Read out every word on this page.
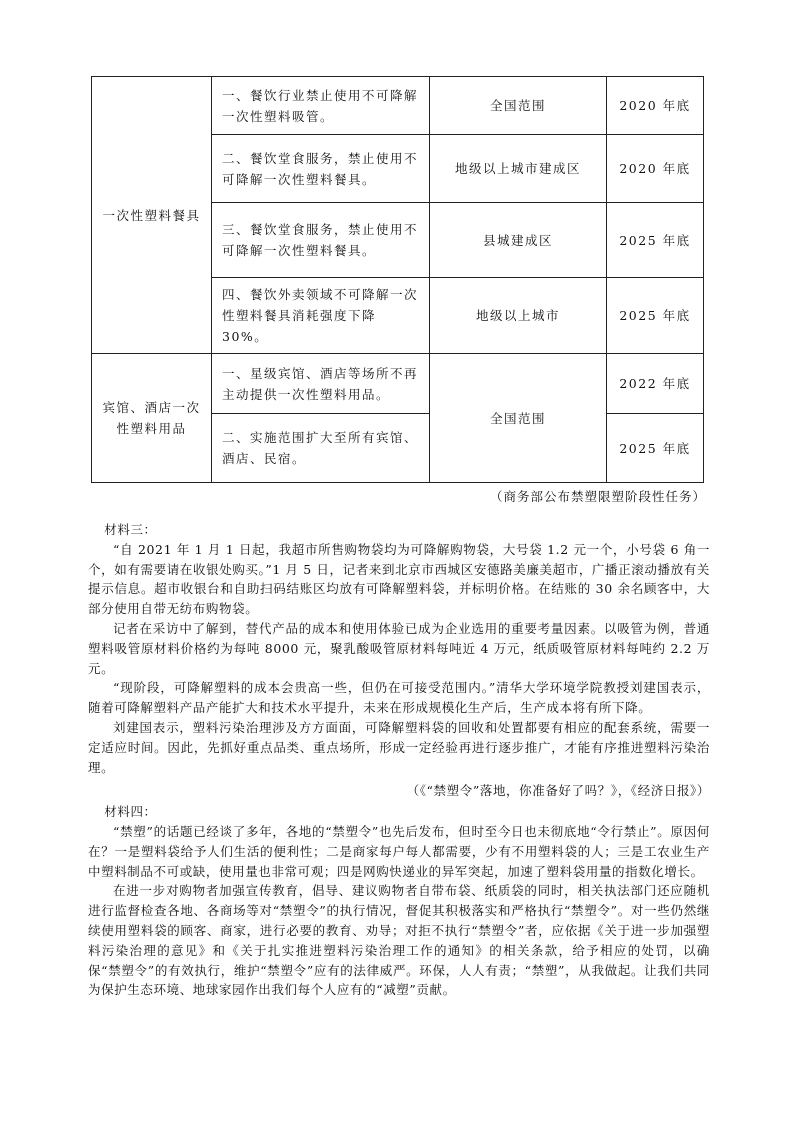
一次性塑料餐具	一、餐饮行业禁止使用不可降解一次性塑料吸管。	全国范围	2020 年底
	二、餐饮堂食服务，禁止使用不可降解一次性塑料餐具。	地级以上城市建成区	2020 年底
	三、餐饮堂食服务，禁止使用不可降解一次性塑料餐具。	县城建成区	2025 年底
	四、餐饮外卖领域不可降解一次性塑料餐具消耗强度下降 30%。	地级以上城市	2025 年底
宾馆、酒店一次性塑料用品	一、星级宾馆、酒店等场所不再主动提供一次性塑料用品。	全国范围	2022 年底
	二、实施范围扩大至所有宾馆、酒店、民宿。		2025 年底
（商务部公布禁塑限塑阶段性任务）

材料三：

“自 2021 年 1 月 1 日起，我超市所售购物袋均为可降解购物袋，大号袋 1.2 元一个，小号袋 6 角一个，如有需要请在收银处购买。”1 月 5 日，记者来到北京市西城区安德路美廉美超市，广播正滚动播放有关提示信息。超市收银台和自助扫码结账区均放有可降解塑料袋，并标明价格。在结账的 30 余名顾客中，大部分使用自带无纺布购物袋。

记者在采访中了解到，替代产品的成本和使用体验已成为企业选用的重要考量因素。以吸管为例，普通塑料吸管原材料价格约为每吨 8000 元，聚乳酸吸管原材料每吨近 4 万元，纸质吸管原材料每吨约 2.2 万元。

“现阶段，可降解塑料的成本会贵高一些，但仍在可接受范围内。”清华大学环境学院教授刘建国表示，随着可降解塑料产品产能扩大和技术水平提升，未来在形成规模化生产后，生产成本将有所下降。

刘建国表示，塑料污染治理涉及方方面面，可降解塑料袋的回收和处置都要有相应的配套系统，需要一定适应时间。因此，先抓好重点品类、重点场所，形成一定经验再进行逐步推广，才能有序推进塑料污染治理。

（《“禁塑令”落地，你准备好了吗？》，《经济日报》）

材料四：

“禁塑”的话题已经谈了多年，各地的“禁塑令”也先后发布，但时至今日也未彻底地“令行禁止”。原因何在？一是塑料袋给予人们生活的便利性；二是商家每户每人都需要，少有不用塑料袋的人；三是工农业生产中塑料制品不可或缺，使用量也非常可观；四是网购快递业的异军突起，加速了塑料袋用量的指数化增长。

在进一步对购物者加强宣传教育，倡导、建议购物者自带布袋、纸质袋的同时，相关执法部门还应随机进行监督检查各地、各商场等对“禁塑令”的执行情况，督促其积极落实和严格执行“禁塑令”。对一些仍然继续使用塑料袋的顾客、商家，进行必要的教育、劝导；对拒不执行“禁塑令”者，应依据《关于进一步加强塑料污染治理的意见》和《关于扎实推进塑料污染治理工作的通知》的相关条款，给予相应的处罚，以确保“禁塑令”的有效执行，维护“禁塑令”应有的法律威严。环保，人人有责；“禁塑”，从我做起。让我们共同为保护生态环境、地球家园作出我们每个人应有的“减塑”贡献。
